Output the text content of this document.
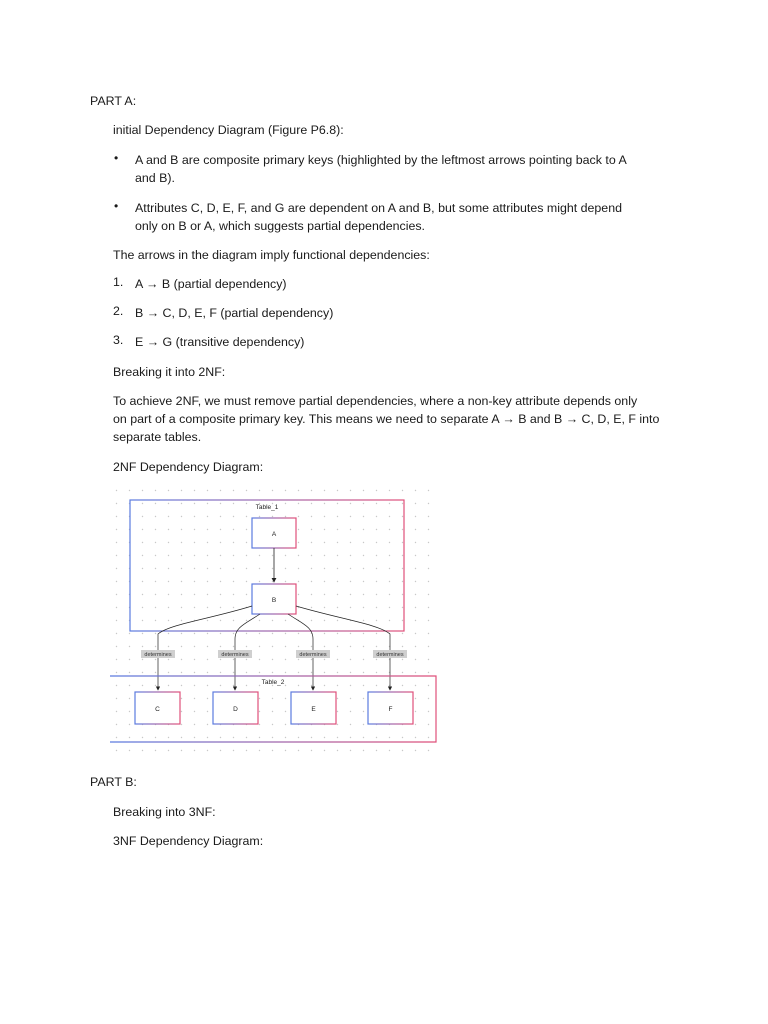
PART A:
initial Dependency Diagram (Figure P6.8):
• A and B are composite primary keys (highlighted by the leftmost arrows pointing back to A
and B).
• Attributes C, D, E, F, and G are dependent on A and B, but some attributes might depend
only on B or A, which suggests partial dependencies.
The arrows in the diagram imply functional dependencies:
1. A → B (partial dependency)
2. B → C, D, E, F (partial dependency)
3. E → G (transitive dependency)
Breaking it into 2NF:
To achieve 2NF, we must remove partial dependencies, where a non-key attribute depends only
on part of a composite primary key. This means we need to separate A → B and B → C, D, E, F into
separate tables.
2NF Dependency Diagram:
Table_1
A
B
determines	determines	determines	determines
Table_2
C	D	E	F
PART B:
Breaking into 3NF:
3NF Dependency Diagram:
